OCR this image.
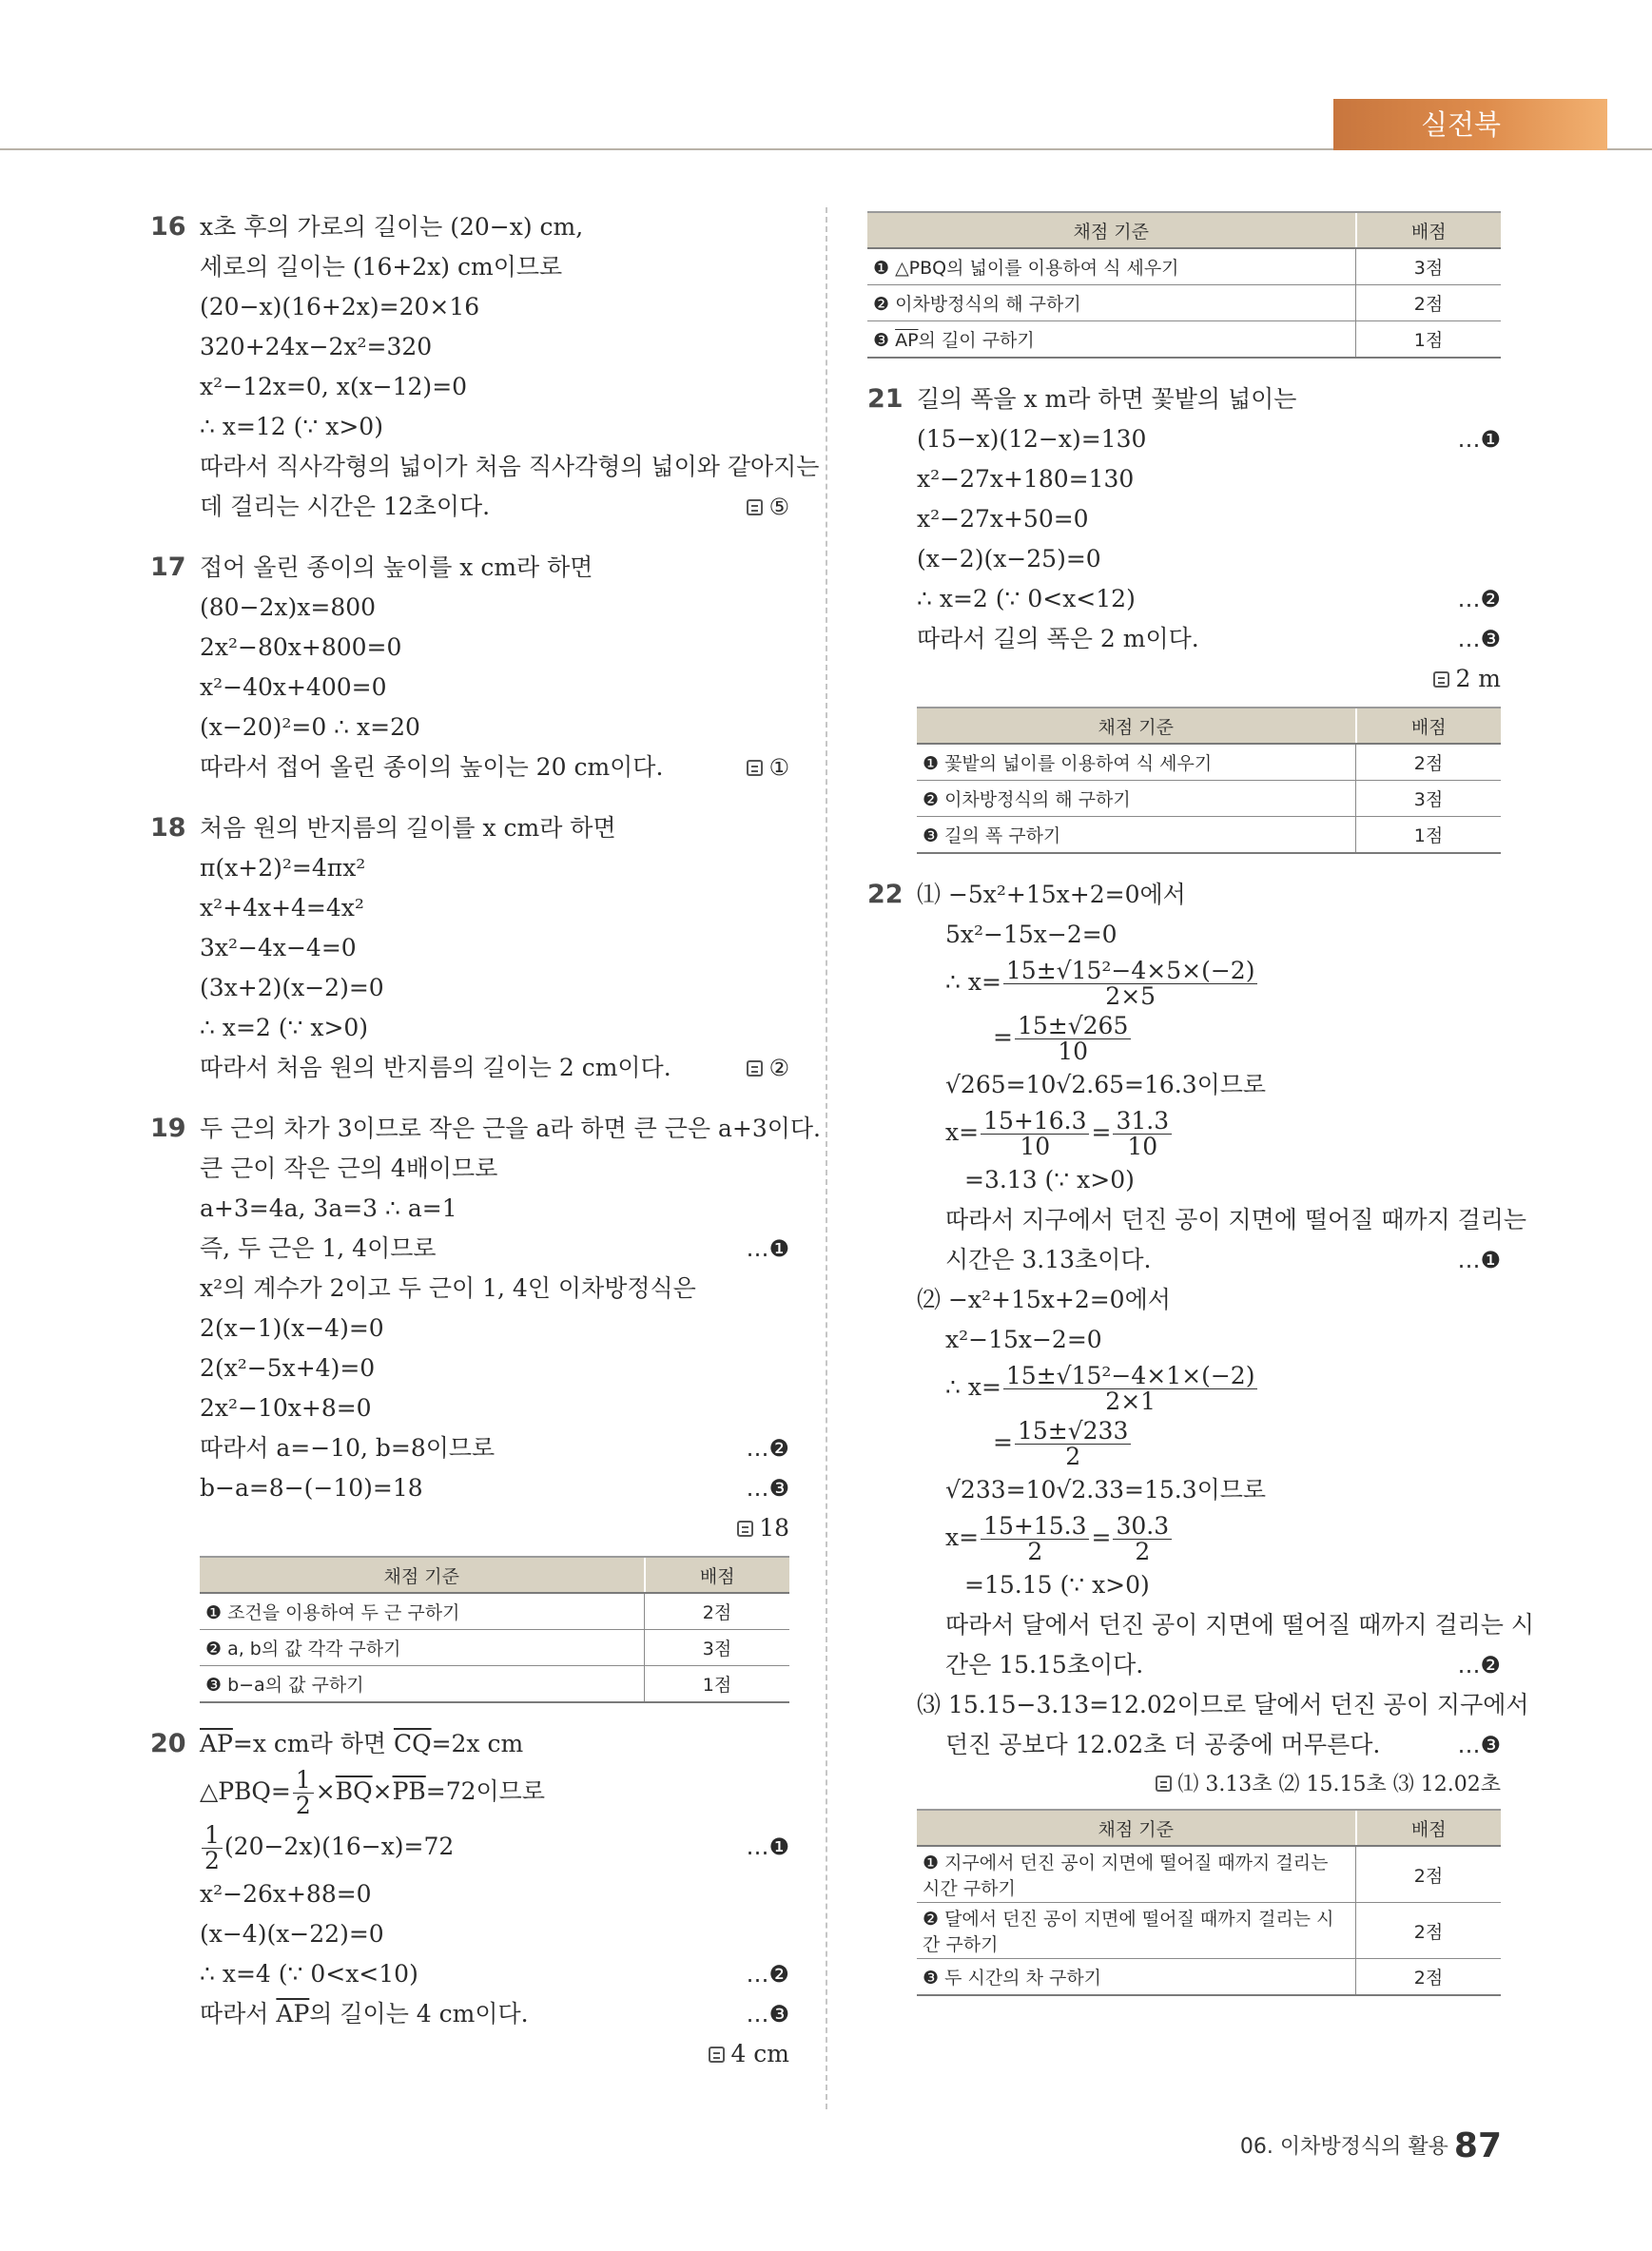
실전북
16 x초 후의 가로의 길이는 (20−x) cm,
세로의 길이는 (16+2x) cm이므로
(20−x)(16+2x)=20×16
320+24x−2x²=320
x²−12x=0, x(x−12)=0
∴ x=12 (∵ x>0)
따라서 직사각형의 넓이가 처음 직사각형의 넓이와 같아지는
데 걸리는 시간은 12초이다.	⑤
17 접어 올린 종이의 높이를 x cm라 하면
(80−2x)x=800
2x²−80x+800=0
x²−40x+400=0
(x−20)²=0 ∴ x=20
따라서 접어 올린 종이의 높이는 20 cm이다.	①
18 처음 원의 반지름의 길이를 x cm라 하면
π(x+2)²=4πx²
x²+4x+4=4x²
3x²−4x−4=0
(3x+2)(x−2)=0
∴ x=2 (∵ x>0)
따라서 처음 원의 반지름의 길이는 2 cm이다.	②
19 두 근의 차가 3이므로 작은 근을 a라 하면 큰 근은 a+3이다.
큰 근이 작은 근의 4배이므로
a+3=4a, 3a=3 ∴ a=1
즉, 두 근은 1, 4이므로	…❶
x²의 계수가 2이고 두 근이 1, 4인 이차방정식은
2(x−1)(x−4)=0
2(x²−5x+4)=0
2x²−10x+8=0
따라서 a=−10, b=8이므로	…❷
b−a=8−(−10)=18	…❸
18
채점 기준	배점
❶ 조건을 이용하여 두 근 구하기	2점
❷ a, b의 값 각각 구하기	3점
❸ b−a의 값 구하기	1점
20 $\overline{AP}=x$ cm라 하면 $\overline{CQ}=2x$ cm
△PBQ= $\frac{1}{2} \times\overline{BQ}\times\overline{PB}=72$이므로
$\frac{1}{2} (20-2x)(16-x)=72$	…❶
x²−26x+88=0
(x−4)(x−22)=0
∴ x=4 (∵ 0<x<10)	…❷
따라서 $\overline{AP}$의 길이는 4 cm이다.	…❸
4 cm
채점 기준	배점
❶ △PBQ의 넓이를 이용하여 식 세우기	3점
❷ 이차방정식의 해 구하기	2점
❸ $\overline{AP}$의 길이 구하기	1점
21 길의 폭을 x m라 하면 꽃밭의 넓이는
(15−x)(12−x)=130	…❶
x²−27x+180=130
x²−27x+50=0
(x−2)(x−25)=0
∴ x=2 (∵ 0<x<12)	…❷
따라서 길의 폭은 2 m이다.	…❸
2 m
채점 기준	배점
❶ 꽃밭의 넓이를 이용하여 식 세우기	2점
❷ 이차방정식의 해 구하기	3점
❸ 길의 폭 구하기	1점
22 ⑴ −5x²+15x+2=0에서
5x²−15x−2=0
∴ $x= \frac{\text{15±√15²−4×5×(−2)}}{2\times 5}$
= $\frac{15\pm√265}{10}$
√265=10√2.65=16.3이므로
$x= \frac{15+16.3}{10} = \frac{31.3}{10}$
=3.13 (∵ x>0)
따라서 지구에서 던진 공이 지면에 떨어질 때까지 걸리는
시간은 3.13초이다.	…❶
⑵ −x²+15x+2=0에서
x²−15x−2=0
∴ $x= \frac{\text{15±√15²−4×1×(−2)}}{2\times 1}$
= $\frac{15\pm√233}{2}$
√233=10√2.33=15.3이므로
$x= \frac{15+15.3}{2} = \frac{30.3}{2}$
=15.15 (∵ x>0)
따라서 달에서 던진 공이 지면에 떨어질 때까지 걸리는 시
간은 15.15초이다.	…❷
⑶ 15.15−3.13=12.02이므로 달에서 던진 공이 지구에서
던진 공보다 12.02초 더 공중에 머무른다.	…❸
⑴ 3.13초 ⑵ 15.15초 ⑶ 12.02초
채점 기준	배점
❶ 지구에서 던진 공이 지면에 떨어질 때까지 걸리는 시간 구하기	2점
❷ 달에서 던진 공이 지면에 떨어질 때까지 걸리는 시간 구하기	2점
❸ 두 시간의 차 구하기	2점
06. 이차방정식의 활용 87
